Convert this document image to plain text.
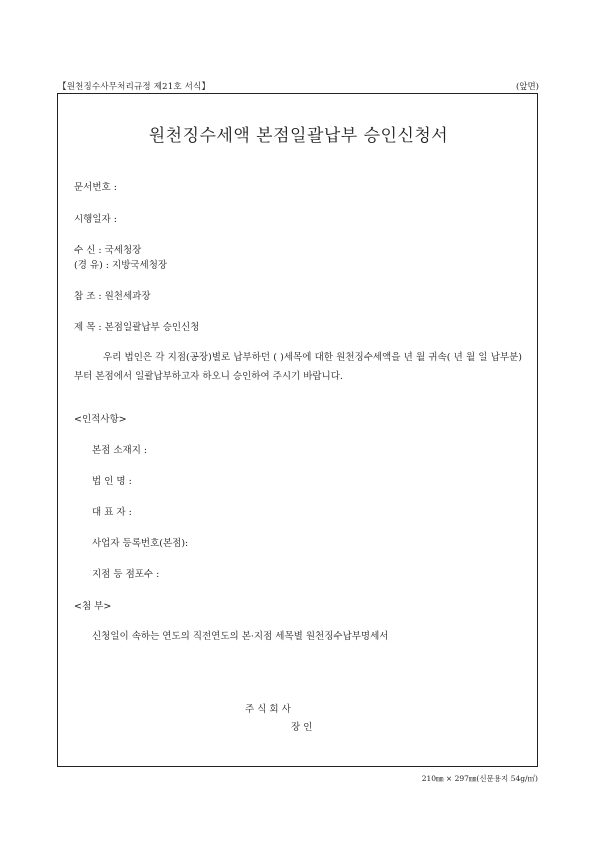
【원천징수사무처리규정 제21호 서식】	(앞면)
원천징수세액 본점일괄납부 승인신청서
문서번호 :
시행일자 :
수 신 : 국세청장
(경 유) : 지방국세청장
참 조 : 원천세과장
제 목 : 본점일괄납부 승인신청
우리 법인은 각 지점(공장)별로 납부하던 ( )세목에 대한 원천징수세액을 년 월 귀속( 년 월 일 납부분)부터 본점에서 일괄납부하고자 하오니 승인하여 주시기 바랍니다.
<인적사항>
본점 소재지 :
법 인 명 :
대 표 자 :
사업자 등록번호(본점):
지점 등 점포수 :
<첨 부>
신청일이 속하는 연도의 직전연도의 본·지점 세목별 원천징수납부명세서
주 식 회 사
장 인
210㎜ × 297㎜(신문용지 54g/㎡)
